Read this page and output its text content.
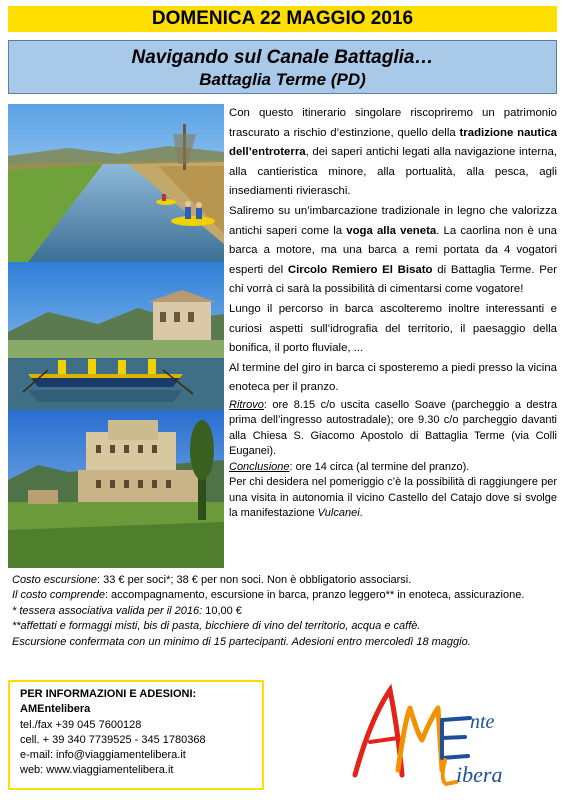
DOMENICA 22 MAGGIO 2016
Navigando sul Canale Battaglia…
Battaglia Terme (PD)

Con questo itinerario singolare riscopriremo un patrimonio trascurato a rischio d’estinzione, quello della tradizione nautica dell’entroterra, dei saperi antichi legati alla navigazione interna, alla cantieristica minore, alla portualità, alla pesca, agli insediamenti rivieraschi.

Saliremo su un’imbarcazione tradizionale in legno che valorizza antichi saperi come la voga alla veneta. La caorlina non è una barca a motore, ma una barca a remi portata da 4 vogatori esperti del Circolo Remiero El Bisato di Battaglia Terme. Per chi vorrà ci sarà la possibilità di cimentarsi come vogatore!

Lungo il percorso in barca ascolteremo inoltre interessanti e curiosi aspetti sull’idrografia del territorio, il paesaggio della bonifica, il porto fluviale, ...

Al termine del giro in barca ci sposteremo a piedi presso la vicina enoteca per il pranzo.

Ritrovo: ore 8.15 c/o uscita casello Soave (parcheggio a destra prima dell’ingresso autostradale); ore 9.30 c/o parcheggio davanti alla Chiesa S. Giacomo Apostolo di Battaglia Terme (via Colli Euganei).

Conclusione: ore 14 circa (al termine del pranzo).

Per chi desidera nel pomeriggio c’è la possibilità di raggiungere per una visita in autonomia il vicino Castello del Catajo dove si svolge la manifestazione Vulcanei.

Costo escursione: 33 € per soci*; 38 € per non soci. Non è obbligatorio associarsi.

Il costo comprende: accompagnamento, escursione in barca, pranzo leggero** in enoteca, assicurazione.

* tessera associativa valida per il 2016: 10,00 €

**affettati e formaggi misti, bis di pasta, bicchiere di vino del territorio, acqua e caffè.

Escursione confermata con un minimo di 15 partecipanti. Adesioni entro mercoledì 18 maggio.

PER INFORMAZIONI E ADESIONI:
AMEntelibera
tel./fax +39 045 7600128
cell. + 39 340 7739525 - 345 1780368
e-mail: info@viaggiamentelibera.it
web: www.viaggiamentelibera.it
nte
ibera
